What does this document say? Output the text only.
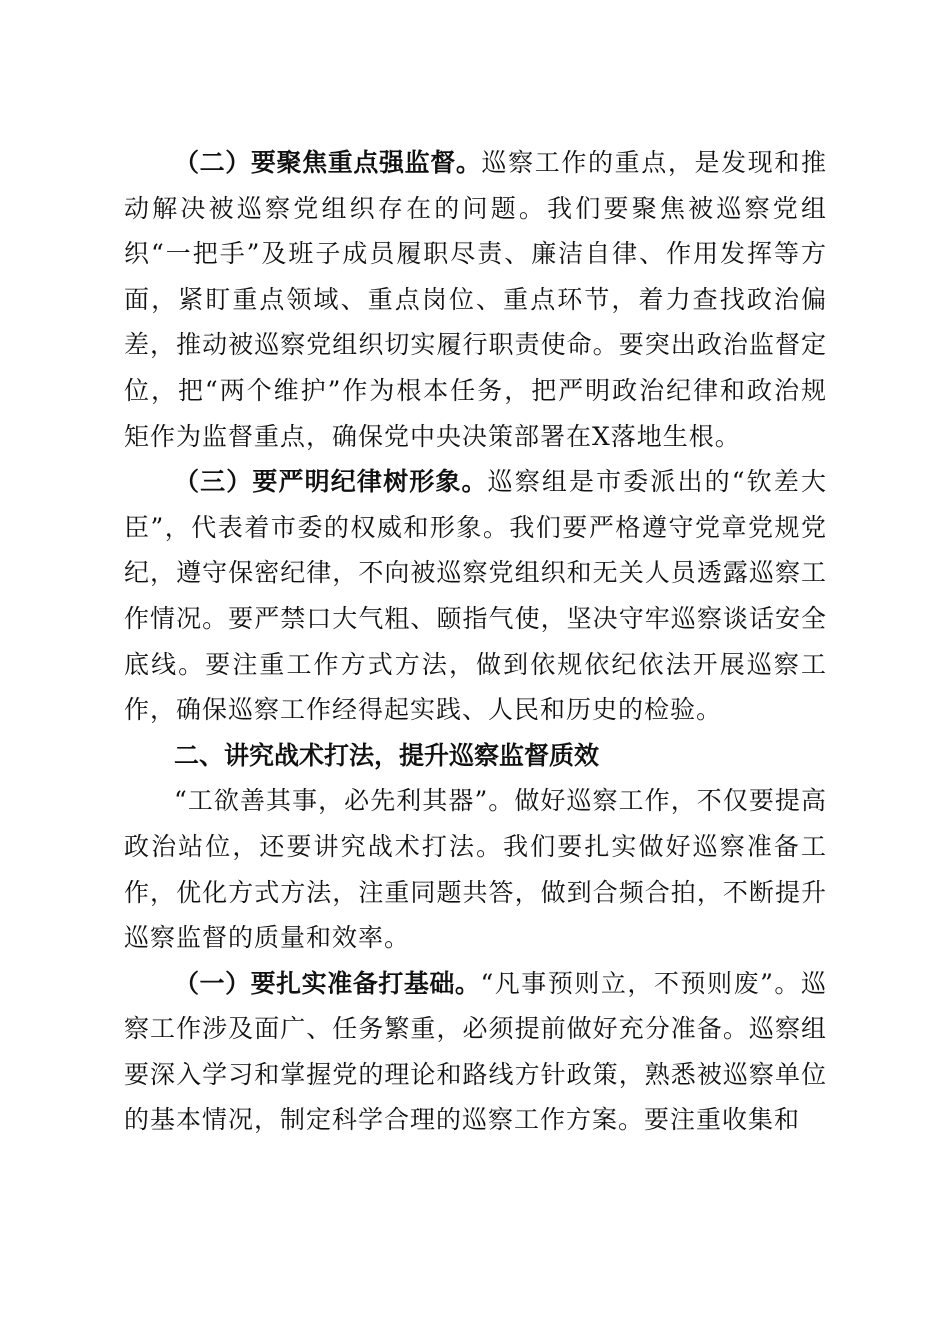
（二）要聚焦重点强监督。巡察工作的重点，是发现和推动解决被巡察党组织存在的问题。我们要聚焦被巡察党组织“一把手”及班子成员履职尽责、廉洁自律、作用发挥等方面，紧盯重点领域、重点岗位、重点环节，着力查找政治偏差，推动被巡察党组织切实履行职责使命。要突出政治监督定位，把“两个维护”作为根本任务，把严明政治纪律和政治规矩作为监督重点，确保党中央决策部署在X落地生根。

（三）要严明纪律树形象。巡察组是市委派出的“钦差大臣”，代表着市委的权威和形象。我们要严格遵守党章党规党纪，遵守保密纪律，不向被巡察党组织和无关人员透露巡察工作情况。要严禁口大气粗、颐指气使，坚决守牢巡察谈话安全底线。要注重工作方式方法，做到依规依纪依法开展巡察工作，确保巡察工作经得起实践、人民和历史的检验。

二、讲究战术打法，提升巡察监督质效

“工欲善其事，必先利其器”。做好巡察工作，不仅要提高政治站位，还要讲究战术打法。我们要扎实做好巡察准备工作，优化方式方法，注重同题共答，做到合频合拍，不断提升巡察监督的质量和效率。

（一）要扎实准备打基础。“凡事预则立，不预则废”。巡察工作涉及面广、任务繁重，必须提前做好充分准备。巡察组要深入学习和掌握党的理论和路线方针政策，熟悉被巡察单位的基本情况，制定科学合理的巡察工作方案。要注重收集和
